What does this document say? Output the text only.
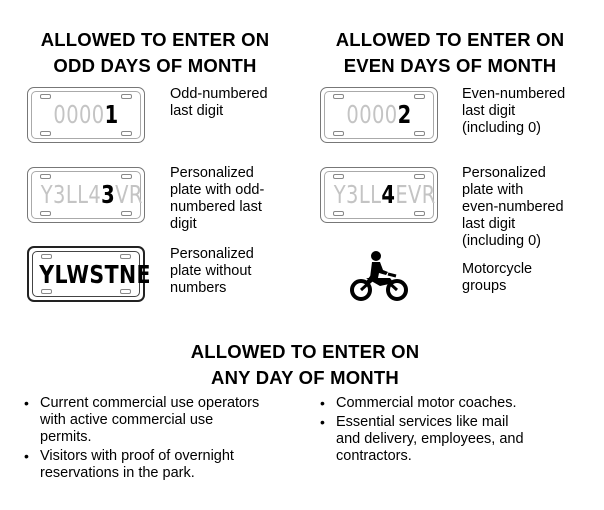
ALLOWED TO ENTER ON
ODD DAYS OF MONTH
ALLOWED TO ENTER ON
EVEN DAYS OF MONTH
00001
Odd-numbered
last digit
Y3LL43VR
Personalized
plate with odd-
numbered last
digit
YLWSTNE
Personalized
plate without
numbers
00002
Even-numbered
last digit
(including 0)
Y3LL4EVR
Personalized
plate with
even-numbered
last digit
(including 0)
Motorcycle
groups
ALLOWED TO ENTER ON
ANY DAY OF MONTH
• Current commercial use operators
with active commercial use
permits.
• Visitors with proof of overnight
reservations in the park.
• Commercial motor coaches.
• Essential services like mail
and delivery, employees, and
contractors.
